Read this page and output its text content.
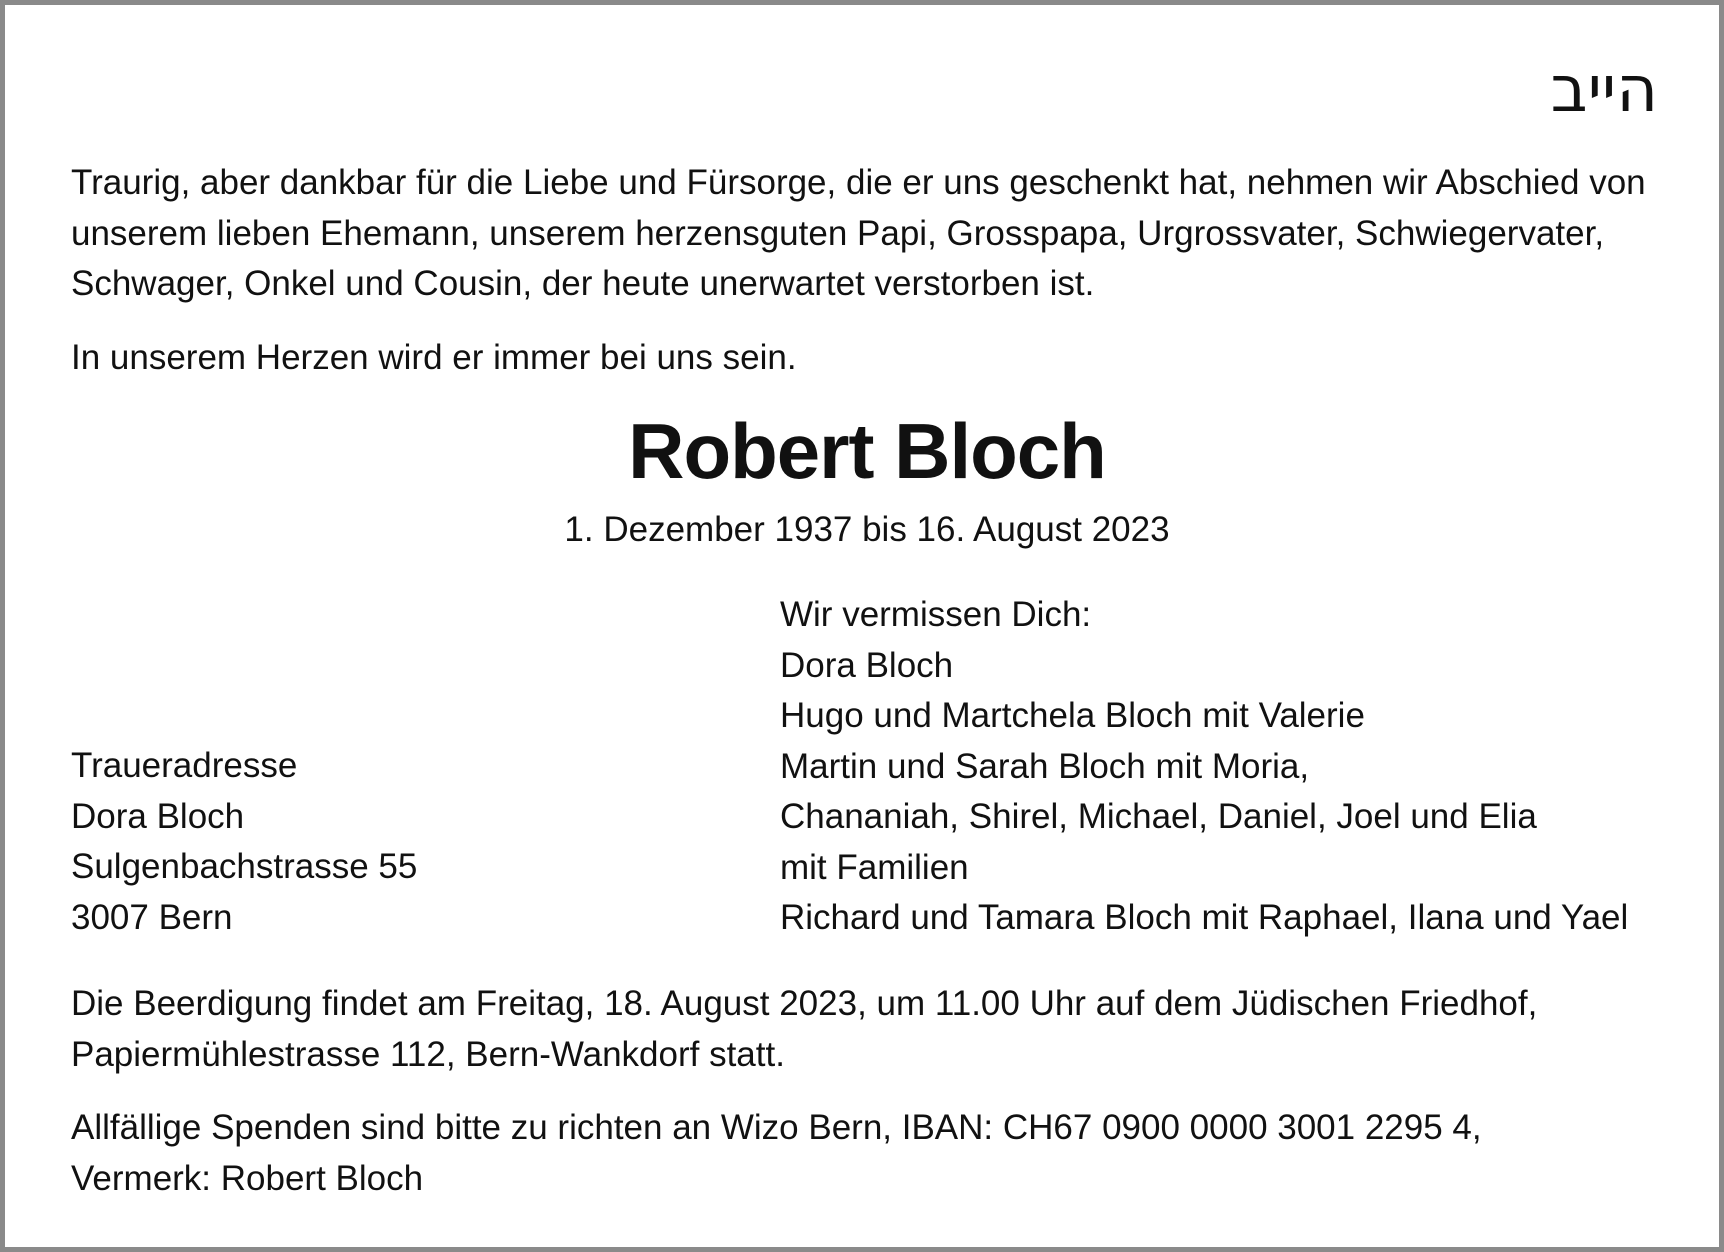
הייב
Traurig, aber dankbar für die Liebe und Fürsorge, die er uns geschenkt hat, nehmen wir Abschied von
unserem lieben Ehemann, unserem herzensguten Papi, Grosspapa, Urgrossvater, Schwiegervater,
Schwager, Onkel und Cousin, der heute unerwartet verstorben ist.
In unserem Herzen wird er immer bei uns sein.
Robert Bloch
1. Dezember 1937 bis 16. August 2023
Wir vermissen Dich:
Dora Bloch
Hugo und Martchela Bloch mit Valerie
Martin und Sarah Bloch mit Moria,
Chananiah, Shirel, Michael, Daniel, Joel und Elia
mit Familien
Richard und Tamara Bloch mit Raphael, Ilana und Yael
Traueradresse
Dora Bloch
Sulgenbachstrasse 55
3007 Bern
Die Beerdigung findet am Freitag, 18. August 2023, um 11.00 Uhr auf dem Jüdischen Friedhof,
Papiermühlestrasse 112, Bern-Wankdorf statt.
Allfällige Spenden sind bitte zu richten an Wizo Bern, IBAN: CH67 0900 0000 3001 2295 4,
Vermerk: Robert Bloch
